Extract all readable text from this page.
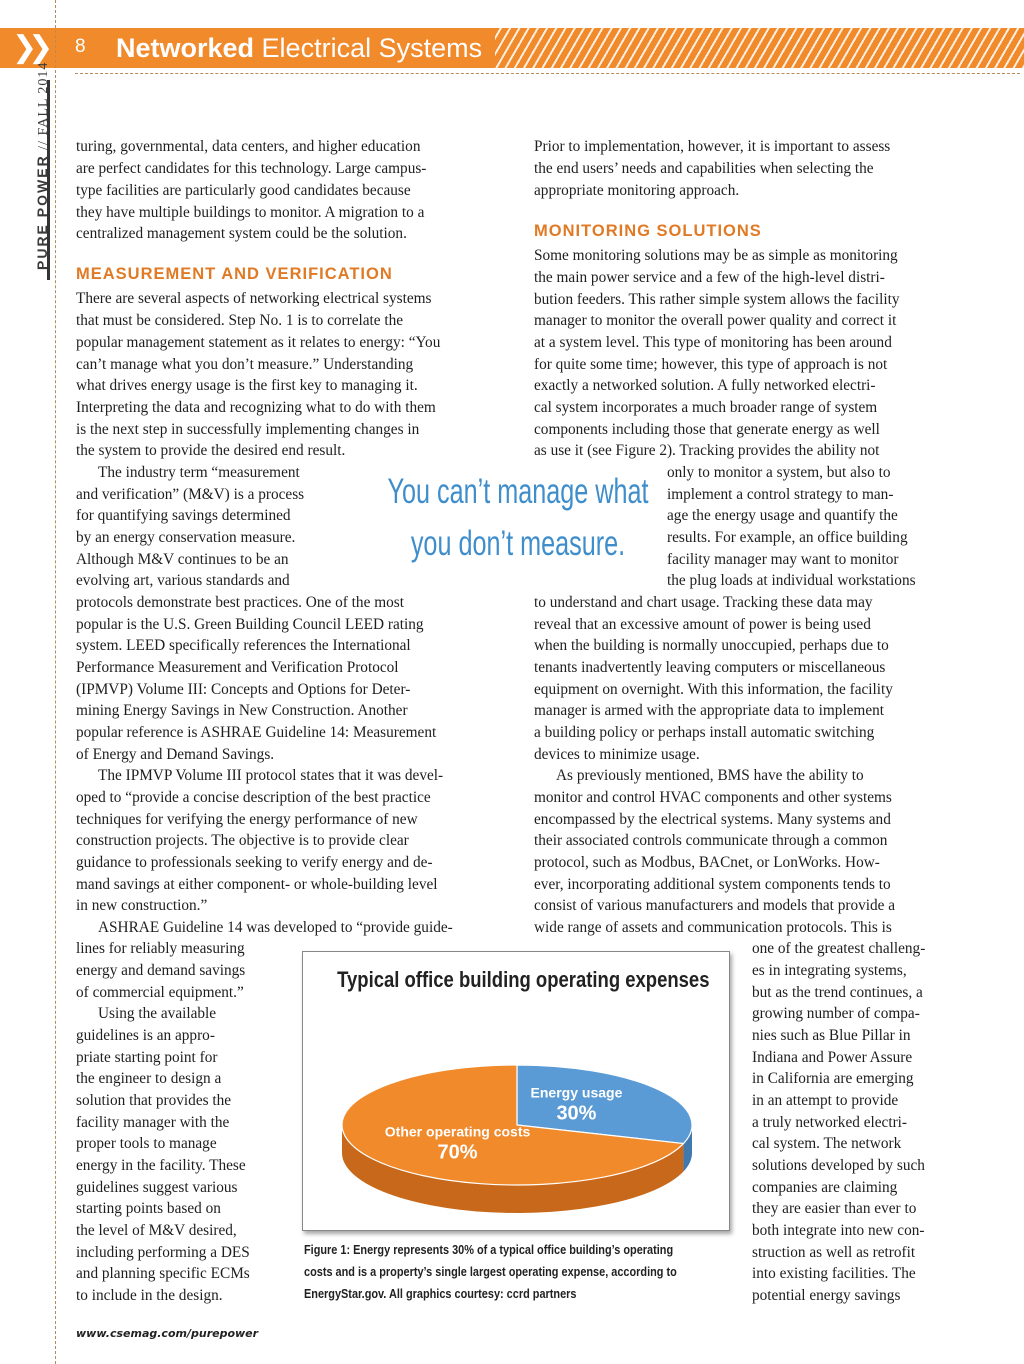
❯❯	8 Networked Electrical Systems
PURE POWER // FALL 2014 turing, governmental, data centers, and higher education
are perfect candidates for this technology. Large campus-
type facilities are particularly good candidates because
they have multiple buildings to monitor. A migration to a
centralized management system could be the solution.
There are several aspects of networking electrical systems
that must be considered. Step No. 1 is to correlate the
popular management statement as it relates to energy: “You
can’t manage what you don’t measure.” Understanding
what drives energy usage is the first key to managing it.
Interpreting the data and recognizing what to do with them
is the next step in successfully implementing changes in
the system to provide the desired end result.
The industry term “measurement
and verification” (M&V) is a process
for quantifying savings determined
by an energy conservation measure.
Although M&V continues to be an
evolving art, various standards and
protocols demonstrate best practices. One of the most
popular is the U.S. Green Building Council LEED rating
system. LEED specifically references the International
Performance Measurement and Verification Protocol
(IPMVP) Volume III: Concepts and Options for Deter-
mining Energy Savings in New Construction. Another
popular reference is ASHRAE Guideline 14: Measurement
of Energy and Demand Savings.
The IPMVP Volume III protocol states that it was devel-
oped to “provide a concise description of the best practice
techniques for verifying the energy performance of new
construction projects. The objective is to provide clear
guidance to professionals seeking to verify energy and de-
mand savings at either component- or whole-building level
in new construction.”
ASHRAE Guideline 14 was developed to “provide guide-
lines for reliably measuring
energy and demand savings
of commercial equipment.”
Using the available
guidelines is an appro-
priate starting point for
the engineer to design a
solution that provides the
facility manager with the
proper tools to manage
energy in the facility. These
guidelines suggest various
starting points based on
the level of M&V desired,
including performing a DES
and planning specific ECMs
to include in the design.
Prior to implementation, however, it is important to assess
the end users’ needs and capabilities when selecting the
appropriate monitoring approach.
Some monitoring solutions may be as simple as monitoring
the main power service and a few of the high-level distri-
bution feeders. This rather simple system allows the facility
manager to monitor the overall power quality and correct it
at a system level. This type of monitoring has been around
for quite some time; however, this type of approach is not
exactly a networked solution. A fully networked electri-
cal system incorporates a much broader range of system
components including those that generate energy as well
as use it (see Figure 2). Tracking provides the ability not
only to monitor a system, but also to
implement a control strategy to man-
age the energy usage and quantify the
results. For example, an office building
facility manager may want to monitor
the plug loads at individual workstations
to understand and chart usage. Tracking these data may
reveal that an excessive amount of power is being used
when the building is normally unoccupied, perhaps due to
tenants inadvertently leaving computers or miscellaneous
equipment on overnight. With this information, the facility
manager is armed with the appropriate data to implement
a building policy or perhaps install automatic switching
devices to minimize usage.
As previously mentioned, BMS have the ability to
monitor and control HVAC components and other systems
encompassed by the electrical systems. Many systems and
their associated controls communicate through a common
protocol, such as Modbus, BACnet, or LonWorks. How-
ever, incorporating additional system components tends to
consist of various manufacturers and models that provide a
wide range of assets and communication protocols. This is
one of the greatest challeng-
es in integrating systems,
but as the trend continues, a
growing number of compa-
nies such as Blue Pillar in
Indiana and Power Assure
in California are emerging
in an attempt to provide
a truly networked electri-
cal system. The network
solutions developed by such
companies are claiming
they are easier than ever to
both integrate into new con-
struction as well as retrofit
into existing facilities. The
potential energy savings
MEASUREMENT AND VERIFICATION
MONITORING SOLUTIONS
You can’t manage what
you don’t measure.
Typical office building operating expenses
Energy usage
30%
Other operating costs
70%
Figure 1: Energy represents 30% of a typical office building’s operating
costs and is a property’s single largest operating expense, according to
EnergyStar.gov. All graphics courtesy: ccrd partners
www.csemag.com/purepower
